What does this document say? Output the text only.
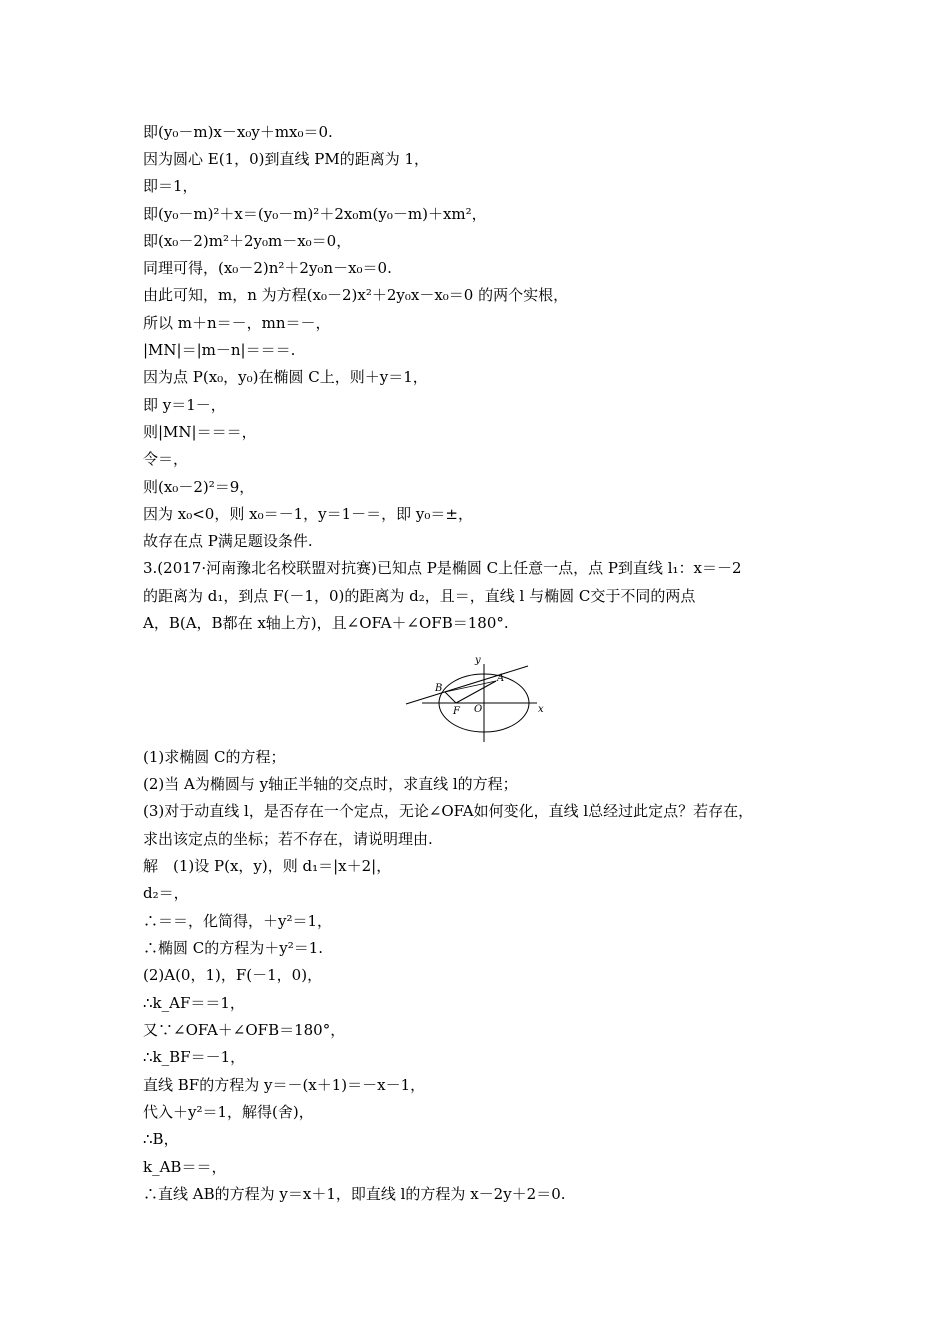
即(y₀－m)x－x₀y＋mx₀＝0.
因为圆心 E(1，0)到直线 PM的距离为 1，
即＝1，
即(y₀－m)²＋x＝(y₀－m)²＋2x₀m(y₀－m)＋xm²，
即(x₀－2)m²＋2y₀m－x₀＝0，
同理可得，(x₀－2)n²＋2y₀n－x₀＝0.
由此可知，m，n 为方程(x₀－2)x²＋2y₀x－x₀＝0 的两个实根，
所以 m＋n＝－，mn＝－，
|MN|＝|m－n|＝＝＝.
因为点 P(x₀，y₀)在椭圆 C上，则＋y＝1，
即 y＝1－，
则|MN|＝＝＝，
令＝，
则(x₀－2)²＝9，
因为 x₀<0，则 x₀＝－1，y＝1－＝，即 y₀＝±，
故存在点 P满足题设条件.
3.(2017·河南豫北名校联盟对抗赛)已知点 P是椭圆 C上任意一点，点 P到直线 l₁：x＝－2
的距离为 d₁，到点 F(－1，0)的距离为 d₂，且＝，直线 l 与椭圆 C交于不同的两点
A，B(A，B都在 x轴上方)，且∠OFA＋∠OFB＝180°.
y
x
A
B
F O
(1)求椭圆 C的方程；
(2)当 A为椭圆与 y轴正半轴的交点时，求直线 l的方程；
(3)对于动直线 l，是否存在一个定点，无论∠OFA如何变化，直线 l总经过此定点？若存在，
求出该定点的坐标；若不存在，请说明理由.
解　(1)设 P(x，y)，则 d₁＝|x＋2|，
d₂＝，
∴＝＝，化简得，＋y²＝1，
∴椭圆 C的方程为＋y²＝1.
(2)A(0，1)，F(－1，0)，
∴k_AF＝＝1，
又∵∠OFA＋∠OFB＝180°，
∴k_BF＝－1，
直线 BF的方程为 y＝－(x＋1)＝－x－1，
代入＋y²＝1，解得(舍)，
∴B，
k_AB＝＝，
∴直线 AB的方程为 y＝x＋1，即直线 l的方程为 x－2y＋2＝0.
